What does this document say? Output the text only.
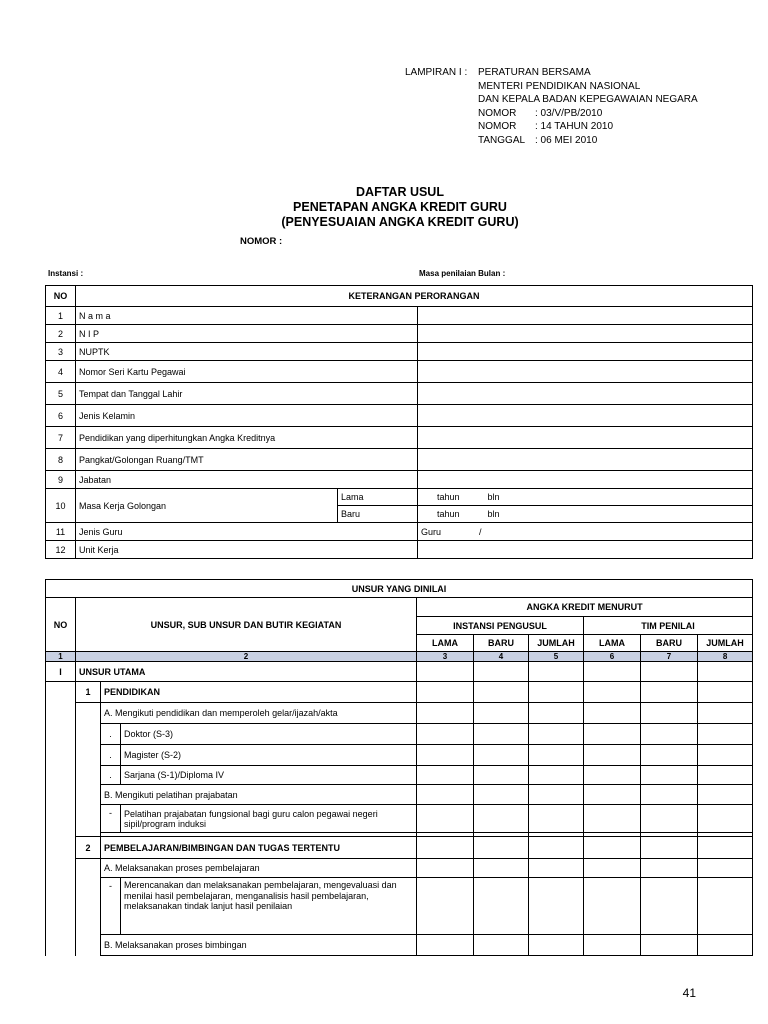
LAMPIRAN I :	PERATURAN BERSAMA
MENTERI PENDIDIKAN NASIONAL
DAN KEPALA BADAN KEPEGAWAIAN NEGARA
NOMOR	: 03/V/PB/2010
NOMOR	: 14 TAHUN 2010
TANGGAL : 06 MEI 2010
DAFTAR USUL
PENETAPAN ANGKA KREDIT GURU
(PENYESUAIAN ANGKA KREDIT GURU)
NOMOR :
Instansi :	Masa penilaian Bulan :
NO	KETERANGAN PERORANGAN		
1	N a m a		
2	N I P		
3	NUPTK		
4	Nomor Seri Kartu Pegawai		
5	Tempat dan Tanggal Lahir		
6	Jenis Kelamin		
7	Pendidikan yang diperhitungkan Angka Kreditnya		
8	Pangkat/Golongan Ruang/TMT		
9	Jabatan		
10	Masa Kerja Golongan	Lama	tahun bln
		Baru	tahun bln
11	Jenis Guru		Guru /
12	Unit Kerja		
UNSUR YANG DINILAI									
NO	UNSUR, SUB UNSUR DAN BUTIR KEGIATAN			ANGKA KREDIT MENURUT					
				INSTANSI PENGUSUL			TIM PENILAI		
				LAMA	BARU	JUMLAH	LAMA	BARU	JUMLAH
1	2			3	4	5	6	7	8
I	UNSUR UTAMA								
	1	PENDIDIKAN							
		A. Mengikuti pendidikan dan memperoleh gelar/ijazah/akta							
		.	Doktor (S-3)						
		.	Magister (S-2)						
		.	Sarjana (S-1)/Diploma IV						
		B. Mengikuti pelatihan prajabatan							
		-	Pelatihan prajabatan fungsional bagi guru calon pegawai negeri sipil/program induksi						

	2	PEMBELAJARAN/BIMBINGAN DAN TUGAS TERTENTU							
		A. Melaksanakan proses pembelajaran							
		-	Merencanakan dan melaksanakan pembelajaran, mengevaluasi dan menilai hasil pembelajaran, menganalisis hasil pembelajaran, melaksanakan tindak lanjut hasil penilaian						
		B. Melaksanakan proses bimbingan							
41
